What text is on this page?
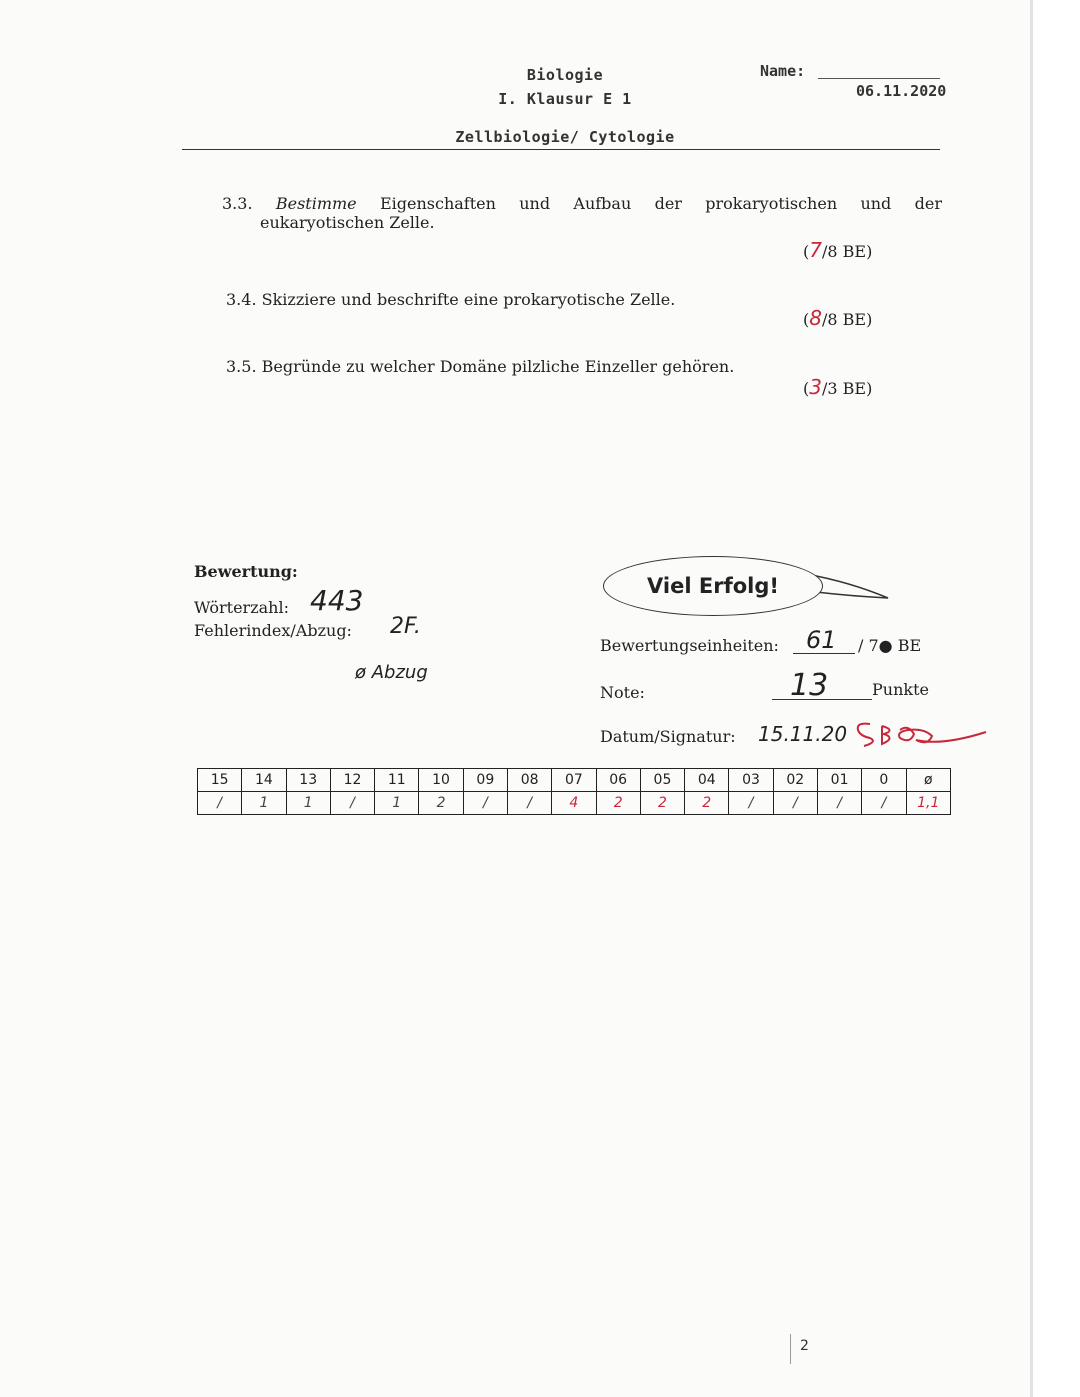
Biologie
I. Klausur E 1
Zellbiologie/ Cytologie
Name:
06.11.2020
3.3. Bestimme Eigenschaften und Aufbau der prokaryotischen und der
eukaryotischen Zelle.
(7/8 BE)
3.4. Skizziere und beschrifte eine prokaryotische Zelle.
(8/8 BE)
3.5. Begründe zu welcher Domäne pilzliche Einzeller gehören.
(3/3 BE)
Bewertung:
Wörterzahl: 443
Fehlerindex/Abzug: 2F.
ø Abzug
Viel Erfolg!
Bewertungseinheiten: 61 / 7● BE
Note:	13	Punkte
Datum/Signatur: 15.11.20
15	14	13	12	11	10	09	08	07	06	05	04	03	02	01	0	ø
/	1	1	/	1	2	/	/	4	2	2	2	/	/	/	/	1,1
2
